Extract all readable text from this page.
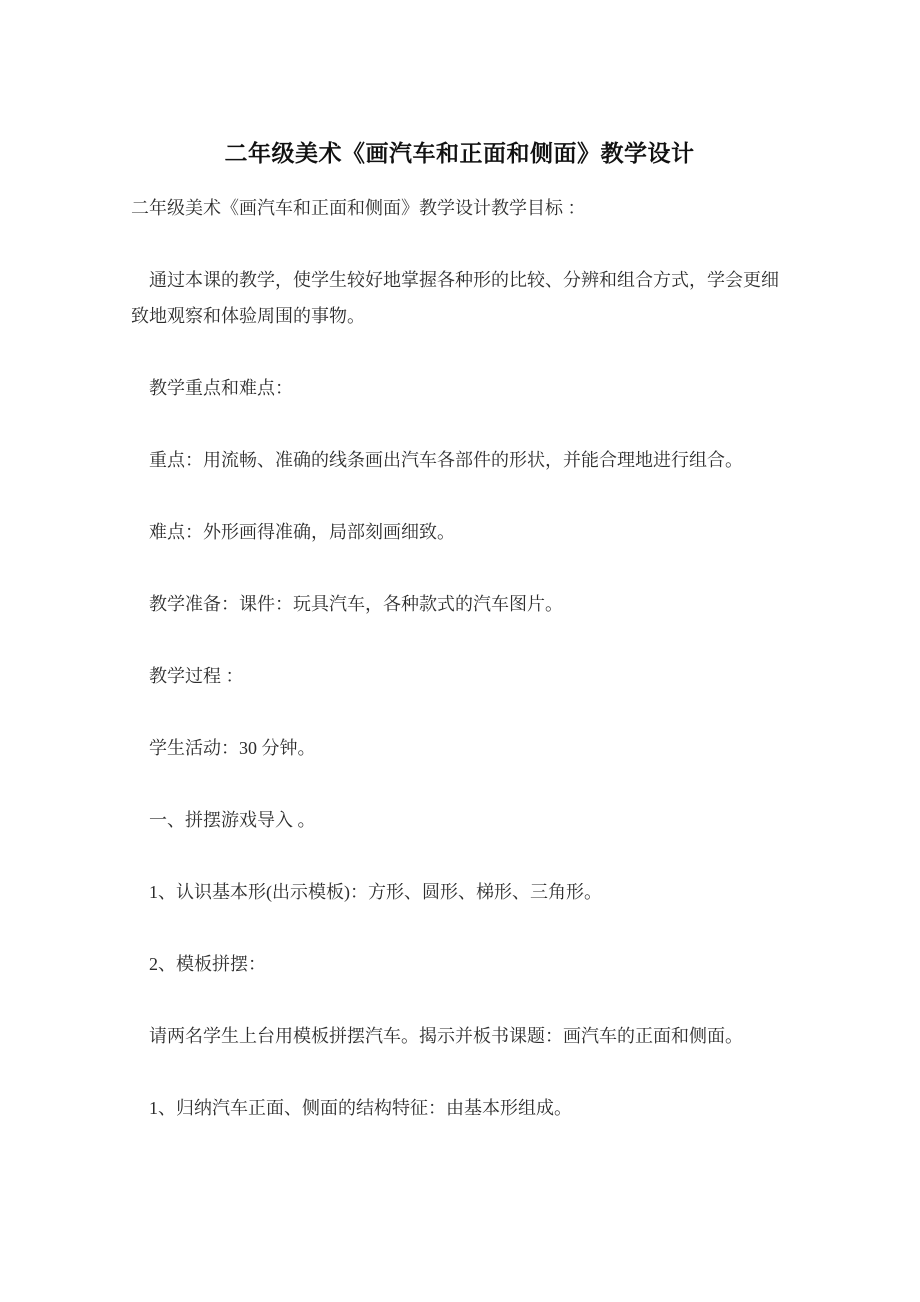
二年级美术《画汽车和正面和侧面》教学设计

二年级美术《画汽车和正面和侧面》教学设计教学目标 ：

通过本课的教学，使学生较好地掌握各种形的比较、分辨和组合方式，学会更细致地观察和体验周围的事物。

教学重点和难点：

重点：用流畅、准确的线条画出汽车各部件的形状，并能合理地进行组合。

难点：外形画得准确，局部刻画细致。

教学准备：课件：玩具汽车，各种款式的汽车图片。

教学过程 ：

学生活动：30 分钟。

一、拼摆游戏导入 。

1、认识基本形(出示模板)：方形、圆形、梯形、三角形。

2、模板拼摆：

请两名学生上台用模板拼摆汽车。揭示并板书课题：画汽车的正面和侧面。

1、归纳汽车正面、侧面的结构特征：由基本形组成。
